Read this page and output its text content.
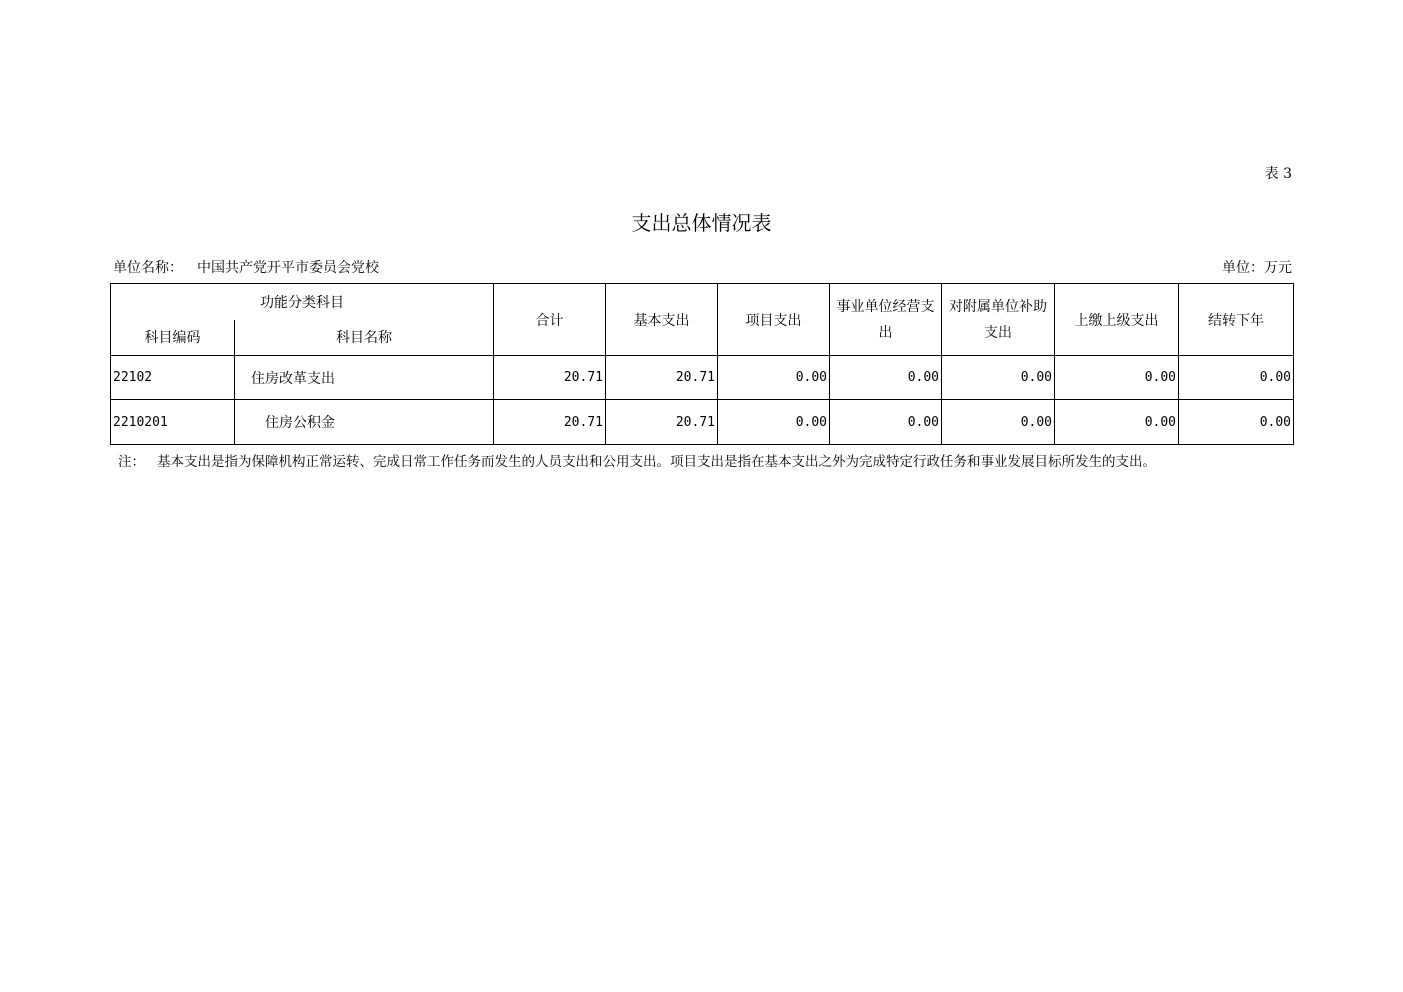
表 3
支出总体情况表
单位名称： 中国共产党开平市委员会党校	单位：万元
功能分类科目		合计	基本支出	项目支出	事业单位经营支出	对附属单位补助支出	上缴上级支出	结转下年
科目编码	科目名称							
22102	住房改革支出	20.71	20.71	0.00	0.00	0.00	0.00	0.00
2210201	住房公积金	20.71	20.71	0.00	0.00	0.00	0.00	0.00
注： 基本支出是指为保障机构正常运转、完成日常工作任务而发生的人员支出和公用支出。项目支出是指在基本支出之外为完成特定行政任务和事业发展目标所发生的支出。
